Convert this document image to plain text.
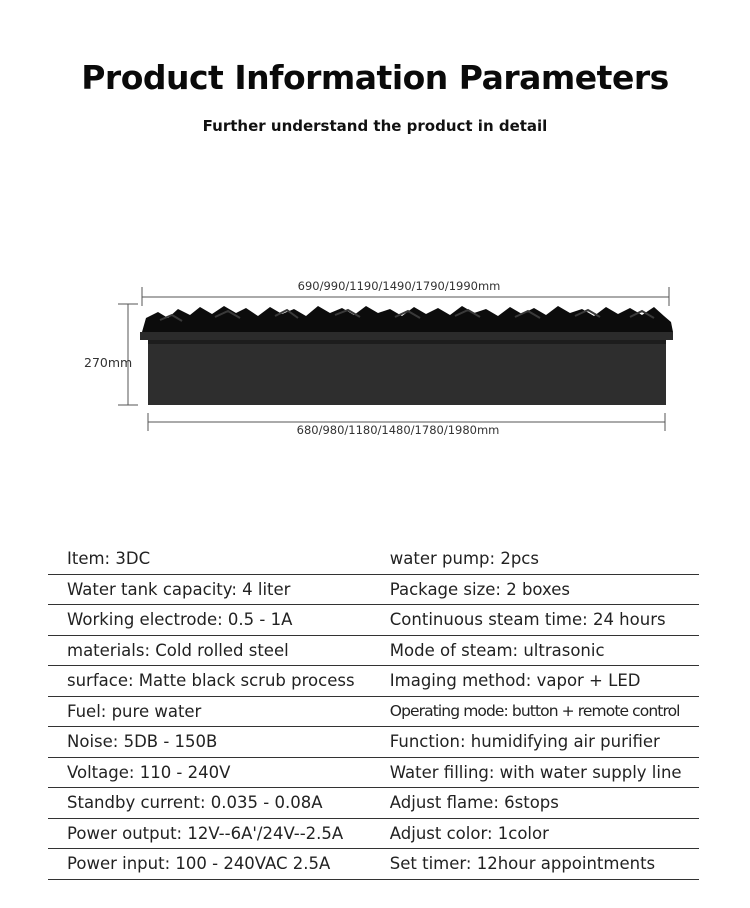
Product Information Parameters
Further understand the product in detail
690/990/1190/1490/1790/1990mm
270mm
680/980/1180/1480/1780/1980mm
Item: 3DC	water pump: 2pcs
Water tank capacity: 4 liter	Package size: 2 boxes
Working electrode: 0.5 - 1A	Continuous steam time: 24 hours
materials: Cold rolled steel	Mode of steam: ultrasonic
surface: Matte black scrub process	Imaging method: vapor + LED
Fuel: pure water	Operating mode: button + remote control
Noise: 5DB - 150B	Function: humidifying air purifier
Voltage: 110 - 240V	Water filling: with water supply line
Standby current: 0.035 - 0.08A	Adjust flame: 6stops
Power output: 12V--6A'/24V--2.5A	Adjust color: 1color
Power input: 100 - 240VAC 2.5A	Set timer: 12hour appointments
